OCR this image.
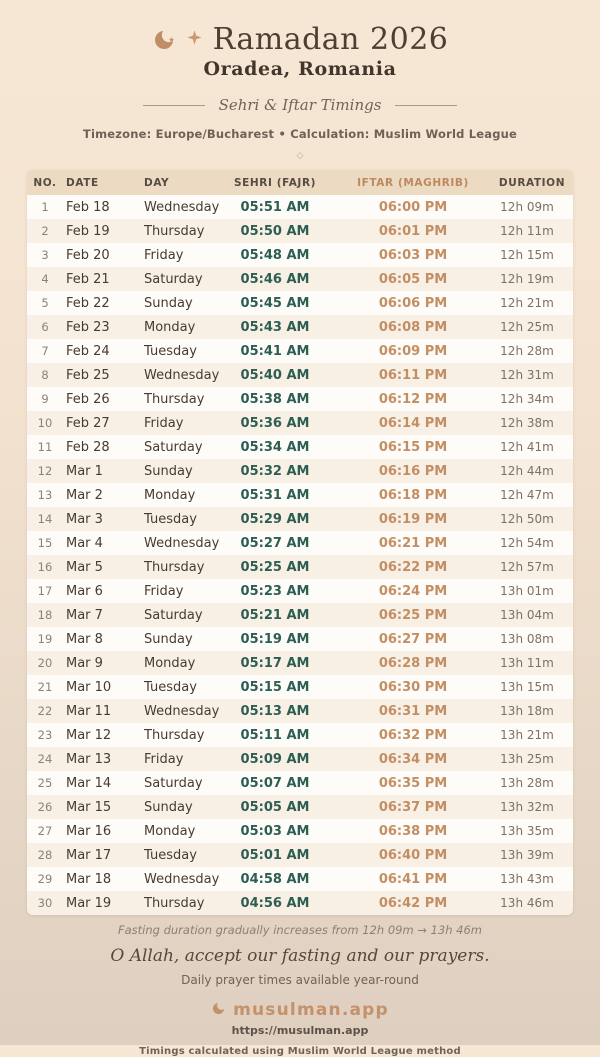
★ Ramadan 2026
Oradea, Romania
Sehri & Iftar Timings
Timezone: Europe/Bucharest • Calculation: Muslim World League
◇
NO. DATE	DAY	SEHRI (FAJR)	IFTAR (MAGHRIB)	DURATION
1	Feb 18	Wednesday	05:51 AM	06:00 PM	12h 09m
2	Feb 19	Thursday	05:50 AM	06:01 PM	12h 11m
3	Feb 20	Friday	05:48 AM	06:03 PM	12h 15m
4	Feb 21	Saturday	05:46 AM	06:05 PM	12h 19m
5	Feb 22	Sunday	05:45 AM	06:06 PM	12h 21m
6	Feb 23	Monday	05:43 AM	06:08 PM	12h 25m
7	Feb 24	Tuesday	05:41 AM	06:09 PM	12h 28m
8	Feb 25	Wednesday	05:40 AM	06:11 PM	12h 31m
9	Feb 26	Thursday	05:38 AM	06:12 PM	12h 34m
10	Feb 27	Friday	05:36 AM	06:14 PM	12h 38m
11	Feb 28	Saturday	05:34 AM	06:15 PM	12h 41m
12	Mar 1	Sunday	05:32 AM	06:16 PM	12h 44m
13	Mar 2	Monday	05:31 AM	06:18 PM	12h 47m
14	Mar 3	Tuesday	05:29 AM	06:19 PM	12h 50m
15	Mar 4	Wednesday	05:27 AM	06:21 PM	12h 54m
16	Mar 5	Thursday	05:25 AM	06:22 PM	12h 57m
17	Mar 6	Friday	05:23 AM	06:24 PM	13h 01m
18	Mar 7	Saturday	05:21 AM	06:25 PM	13h 04m
19	Mar 8	Sunday	05:19 AM	06:27 PM	13h 08m
20	Mar 9	Monday	05:17 AM	06:28 PM	13h 11m
21	Mar 10	Tuesday	05:15 AM	06:30 PM	13h 15m
22	Mar 11	Wednesday	05:13 AM	06:31 PM	13h 18m
23	Mar 12	Thursday	05:11 AM	06:32 PM	13h 21m
24	Mar 13	Friday	05:09 AM	06:34 PM	13h 25m
25	Mar 14	Saturday	05:07 AM	06:35 PM	13h 28m
26	Mar 15	Sunday	05:05 AM	06:37 PM	13h 32m
27	Mar 16	Monday	05:03 AM	06:38 PM	13h 35m
28	Mar 17	Tuesday	05:01 AM	06:40 PM	13h 39m
29	Mar 18	Wednesday	04:58 AM	06:41 PM	13h 43m
30	Mar 19	Thursday	04:56 AM	06:42 PM	13h 46m
Fasting duration gradually increases from 12h 09m → 13h 46m
O Allah, accept our fasting and our prayers.
Daily prayer times available year-round
musulman.app
https://musulman.app
Timings calculated using Muslim World League method
